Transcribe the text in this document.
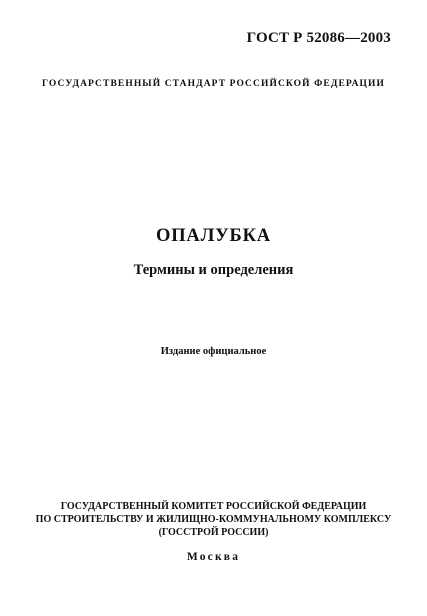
ГОСТ Р 52086—2003
ГОСУДАРСТВЕННЫЙ СТАНДАРТ РОССИЙСКОЙ ФЕДЕРАЦИИ
ОПАЛУБКА
Термины и определения
Издание официальное
ГОСУДАРСТВЕННЫЙ КОМИТЕТ РОССИЙСКОЙ ФЕДЕРАЦИИ
ПО СТРОИТЕЛЬСТВУ И ЖИЛИЩНО-КОММУНАЛЬНОМУ КОМПЛЕКСУ
(ГОССТРОЙ РОССИИ)
Москва
